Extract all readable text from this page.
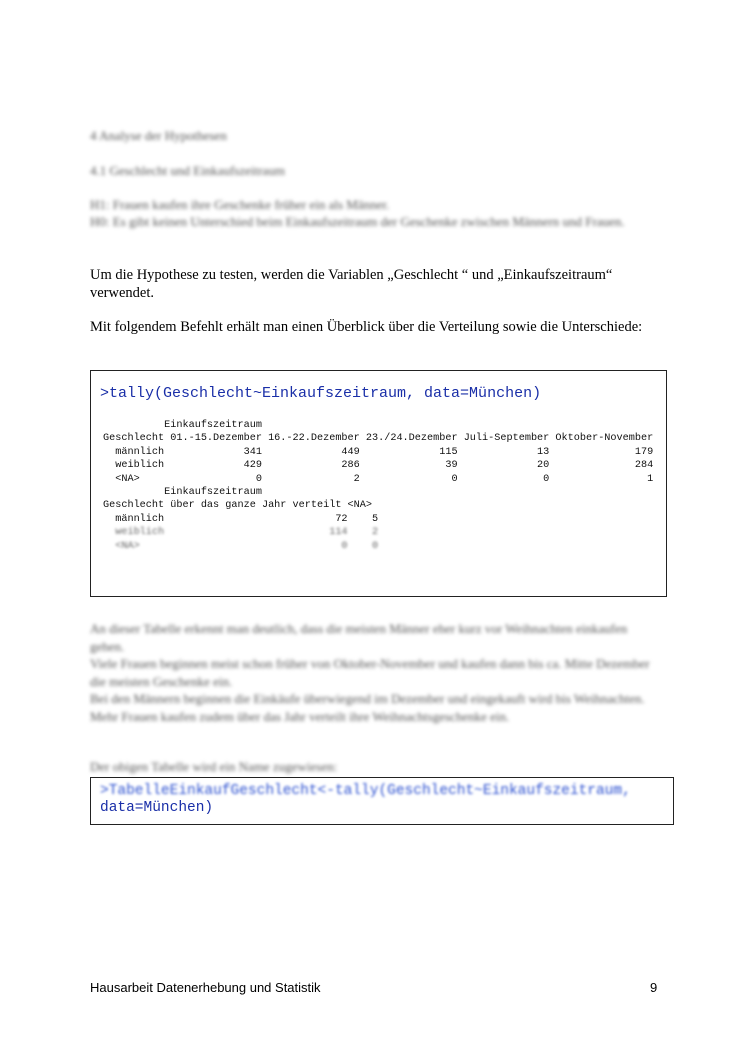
4 Analyse der Hypothesen
4.1 Geschlecht und Einkaufszeitraum
H1: Frauen kaufen ihre Geschenke früher ein als Männer.
H0: Es gibt keinen Unterschied beim Einkaufszeitraum der Geschenke zwischen Männern und Frauen.
Um die Hypothese zu testen, werden die Variablen „Geschlecht “ und „Einkaufszeitraum“ verwendet.
Mit folgendem Befehlt erhält man einen Überblick über die Verteilung sowie die Unterschiede:
>tally(Geschlecht~Einkaufszeitraum, data=München)
Einkaufszeitraum
Geschlecht 01.-15.Dezember 16.-22.Dezember 23./24.Dezember Juli-September Oktober-November
männlich             341             449             115             13              179
weiblich             429             286              39             20              284
<NA>                   0               2               0              0                1
Einkaufszeitraum
Geschlecht über das ganze Jahr verteilt <NA>
männlich                            72    5
weiblich                           114    2
<NA>                                 0    0
An dieser Tabelle erkennt man deutlich, dass die meisten Männer eher kurz vor Weihnachten einkaufen gehen.
Viele Frauen beginnen meist schon früher von Oktober-November und kaufen dann bis ca. Mitte Dezember die meisten Geschenke ein.
Bei den Männern beginnen die Einkäufe überwiegend im Dezember und eingekauft wird bis Weihnachten. Mehr Frauen kaufen zudem über das Jahr verteilt ihre Weihnachtsgeschenke ein.
Der obigen Tabelle wird ein Name zugewiesen:
>TabelleEinkaufGeschlecht<-tally(Geschlecht~Einkaufszeitraum,
data=München)
Hausarbeit Datenerhebung und Statistik	9
